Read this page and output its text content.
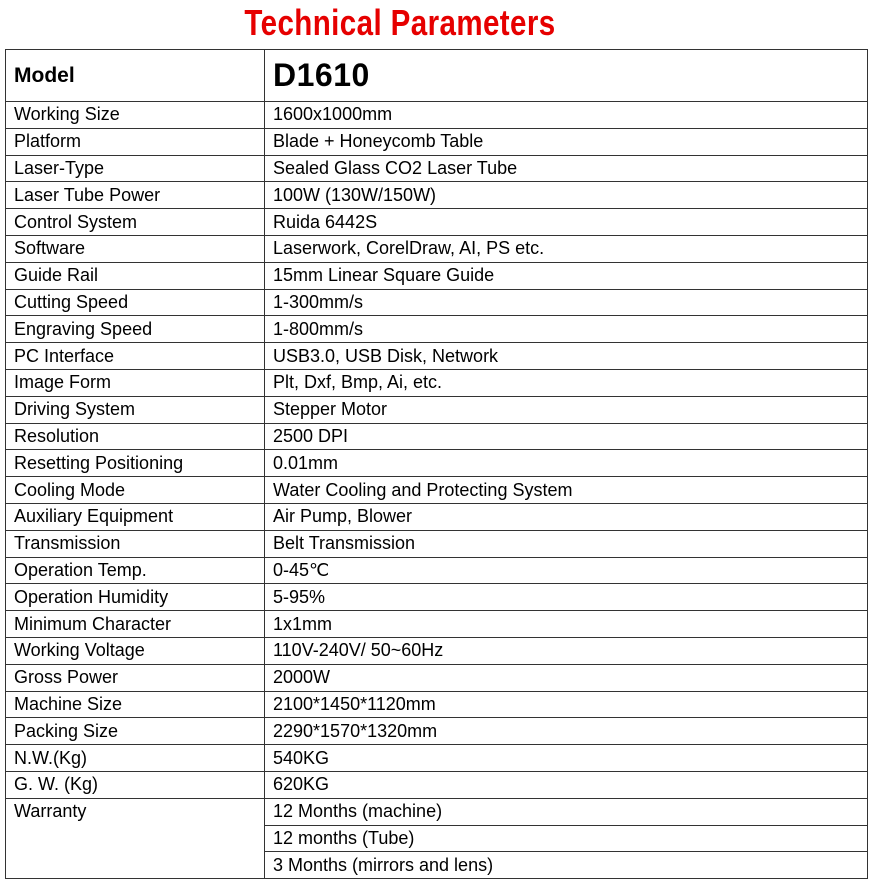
Technical Parameters
Model	D1610
Working Size	1600x1000mm
Platform	Blade + Honeycomb Table
Laser-Type	Sealed Glass CO2 Laser Tube
Laser Tube Power	100W (130W/150W)
Control System	Ruida 6442S
Software	Laserwork, CorelDraw, AI, PS etc.
Guide Rail	15mm Linear Square Guide
Cutting Speed	1-300mm/s
Engraving Speed	1-800mm/s
PC Interface	USB3.0, USB Disk, Network
Image Form	Plt, Dxf, Bmp, Ai, etc.
Driving System	Stepper Motor
Resolution	2500 DPI
Resetting Positioning	0.01mm
Cooling Mode	Water Cooling and Protecting System
Auxiliary Equipment	Air Pump, Blower
Transmission	Belt Transmission
Operation Temp.	0-45℃
Operation Humidity	5-95%
Minimum Character	1x1mm
Working Voltage	110V-240V/ 50~60Hz
Gross Power	2000W
Machine Size	2100*1450*1120mm
Packing Size	2290*1570*1320mm
N.W.(Kg)	540KG
G. W. (Kg)	620KG
Warranty	12 Months (machine)
	12 months (Tube)
	3 Months (mirrors and lens)
